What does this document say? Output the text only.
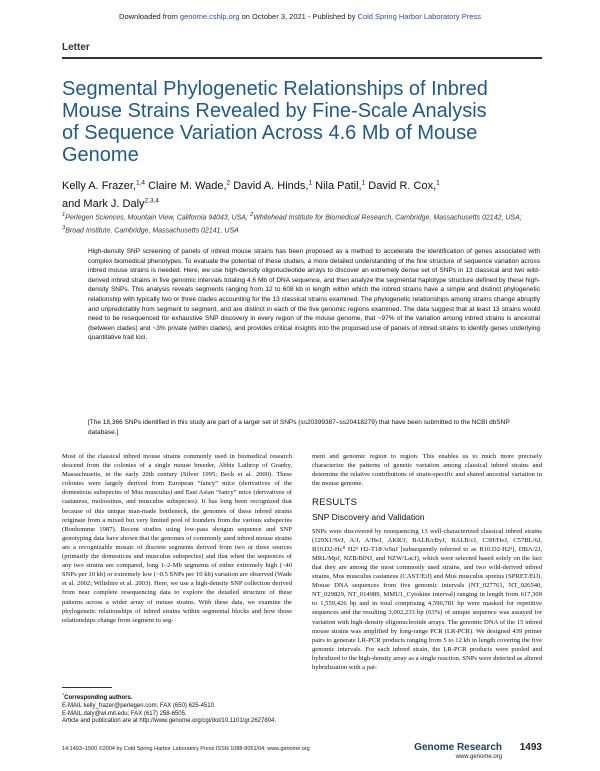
Downloaded from genome.cshlp.org on October 3, 2021 - Published by Cold Spring Harbor Laboratory Press
Letter
Segmental Phylogenetic Relationships of Inbred Mouse Strains Revealed by Fine-Scale Analysis of Sequence Variation Across 4.6 Mb of Mouse Genome

Kelly A. Frazer,$^{1,4}$ Claire M. Wade,$^2$ David A. Hinds,$^1$ Nila Patil,$^1$ David R. Cox,$^1$
and Mark J. Daly$^{2,3,4}$

$^1$Perlegen Sciences, Mountain View, California 94043, USA; $^2$Whitehead Institute for Biomedical Research, Cambridge, Massachusetts 02142, USA; $^3$Broad Institute, Cambridge, Massachusetts 02141, USA

High-density SNP screening of panels of inbred mouse strains has been proposed as a method to accelerate the identification of genes associated with complex biomedical phenotypes. To evaluate the potential of these studies, a more detailed understanding of the fine structure of sequence variation across inbred mouse strains is needed. Here, we use high-density oligonucleotide arrays to discover an extremely dense set of SNPs in 13 classical and two wild-derived inbred strains in five genomic intervals totaling 4.6 Mb of DNA sequence, and then analyze the segmental haplotype structure defined by these high-density SNPs. This analysis reveals segments ranging from 12 to 608 kb in length within which the inbred strains have a simple and distinct phylogenetic relationship with typically two or three clades accounting for the 13 classical strains examined. The phylogenetic relationships among strains change abruptly and unpredictably from segment to segment, and are distinct in each of the five genomic regions examined. The data suggest that at least 13 strains would need to be resequenced for exhaustive SNP discovery in every region of the mouse genome, that ~97% of the variation among inbred strains is ancestral (between clades) and ~3% private (within clades), and provides critical insights into the proposed use of panels of inbred strains to identify genes underlying quantitative trait loci.

[The 18,366 SNPs identified in this study are part of a larger set of SNPs (ss20399387–ss20418279) that have been submitted to the NCBI dbSNP database.]

Most of the classical inbred mouse strains commonly used in biomedical research descend from the colonies of a single mouse breeder, Abbie Lathrop of Granby, Massachusetts, in the early 20th century (Silver 1995; Beck et al. 2000). These colonies were largely derived from European “fancy” mice (derivatives of the domesticus subspecies of Mus musculus) and East Asian “fancy” mice (derivatives of castaneus, molossinus, and musculus subspecies). It has long been recognized that because of this unique man-made bottleneck, the genomes of these inbred strains originate from a mixed but very limited pool of founders from the various subspecies (Bonhomme 1987). Recent studies using low-pass shotgun sequence and SNP genotyping data have shown that the genomes of commonly used inbred mouse strains are a recognizable mosaic of discrete segments derived from two or three sources (primarily the domesticus and musculus subspecies) and that when the sequences of any two strains are compared, long 1–2-Mb segments of either extremely high (~40 SNPs per 10 kb) or extremely low (~0.5 SNPs per 10 kb) variation are observed (Wade et al. 2002; Wiltshire et al. 2003). Here, we use a high-density SNP collection derived from near complete resequencing data to explore the detailed structure of these patterns across a wider array of mouse strains. With these data, we examine the phylogenetic relationships of inbred strains within segmental blocks and how those relationships change from segment to seg-

ment and genomic region to region. This enables us to much more precisely characterize the patterns of genetic variation among classical inbred strains and determine the relative contributions of strain-specific and shared ancestral variation in the mouse genome.

RESULTS
SNP Discovery and Validation

SNPs were discovered by resequencing 13 well-characterized classical inbred strains (129X1/SvJ, A/J, A/HeJ, AKR/J, BALB/cByJ, BALB/cJ, C3H/HeJ, C57BL/6J, B10.D2-Hc⁰ H2ᵈ H2-T18ᶜ/oSnJ [subsequently referred to as B10.D2-H2ᵈ], DBA/2J, MRL/MpJ, NZB/BlNJ, and NZW/LacJ), which were selected based solely on the fact that they are among the most commonly used strains, and two wild-derived inbred strains, Mus musculus castaneus (CAST/EiJ) and Mus musculus spretus (SPRET/EiJ). Mouse DNA sequences from five genomic intervals (NT_027761, NT_026540, NT_029829, NT_014989, MMU1_Cytokine interval) ranging in length from 617,309 to 1,559,426 bp and in total comprising 4,596,781 bp were masked for repetitive sequences and the resulting 3,002,233 bp (63%) of unique sequence was assayed for variation with high-density oligonucleotide arrays. The genomic DNA of the 15 inbred mouse strains was amplified by long-range PCR (LR-PCR). We designed 439 primer pairs to generate LR-PCR products ranging from 5 to 12 kb in length covering the five genomic intervals. For each inbred strain, the LR-PCR products were pooled and hybridized to the high-density array as a single reaction. SNPs were detected as altered hybridization with a pat-

$^{^4}$Corresponding authors.
E-MAIL kelly_frazer@perlegen.com; FAX (650) 625-4510.
E-MAIL daly@wi.mit.edu; FAX (617) 258-6505.
Article and publication are at http://www.genome.org/cgi/doi/10.1101/gr.2627804.
14:1493–1500 ©2004 by Cold Spring Harbor Laboratory Press ISSN 1088-9051/04; www.genome.org	Genome Research 1493
www.genome.org
